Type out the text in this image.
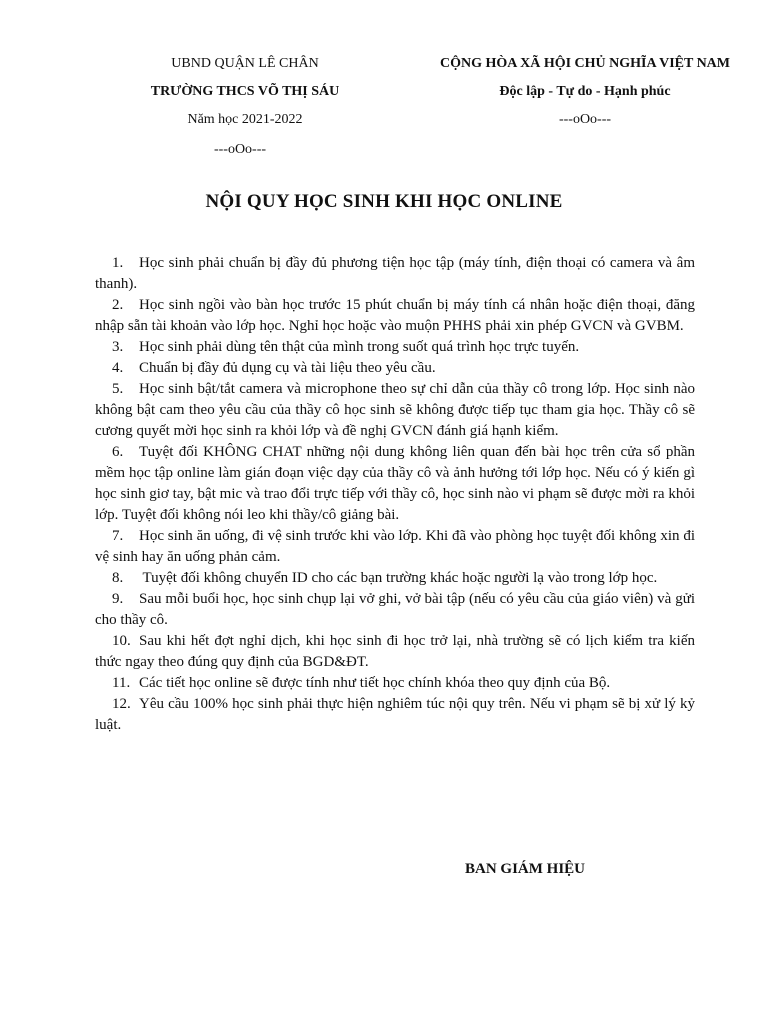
UBND QUẬN LÊ CHÂN
TRƯỜNG THCS VÕ THỊ SÁU
Năm học 2021-2022
---oOo---
CỘNG HÒA XÃ HỘI CHỦ NGHĨA VIỆT NAM
Độc lập - Tự do - Hạnh phúc
---oOo---
NỘI QUY HỌC SINH KHI HỌC ONLINE
1. Học sinh phải chuẩn bị đầy đủ phương tiện học tập (máy tính, điện thoại có camera và âm thanh).
2. Học sinh ngồi vào bàn học trước 15 phút chuẩn bị máy tính cá nhân hoặc điện thoại, đăng nhập sẵn tài khoản vào lớp học. Nghỉ học hoặc vào muộn PHHS phải xin phép GVCN và GVBM.
3. Học sinh phải dùng tên thật của mình trong suốt quá trình học trực tuyến.
4. Chuẩn bị đầy đủ dụng cụ và tài liệu theo yêu cầu.
5. Học sinh bật/tắt camera và microphone theo sự chỉ dẫn của thầy cô trong lớp. Học sinh nào không bật cam theo yêu cầu của thầy cô học sinh sẽ không được tiếp tục tham gia học. Thầy cô sẽ cương quyết mời học sinh ra khỏi lớp và đề nghị GVCN đánh giá hạnh kiểm.
6. Tuyệt đối KHÔNG CHAT những nội dung không liên quan đến bài học trên cửa sổ phần mềm học tập online làm gián đoạn việc dạy của thầy cô và ảnh hưởng tới lớp học. Nếu có ý kiến gì học sinh giơ tay, bật mic và trao đổi trực tiếp với thầy cô, học sinh nào vi phạm sẽ được mời ra khỏi lớp. Tuyệt đối không nói leo khi thầy/cô giảng bài.
7. Học sinh ăn uống, đi vệ sinh trước khi vào lớp. Khi đã vào phòng học tuyệt đối không xin đi vệ sinh hay ăn uống phản cảm.
8. Tuyệt đối không chuyển ID cho các bạn trường khác hoặc người lạ vào trong lớp học.
9. Sau mỗi buổi học, học sinh chụp lại vở ghi, vở bài tập (nếu có yêu cầu của giáo viên) và gửi cho thầy cô.
10. Sau khi hết đợt nghỉ dịch, khi học sinh đi học trở lại, nhà trường sẽ có lịch kiểm tra kiến thức ngay theo đúng quy định của BGD&ĐT.
11. Các tiết học online sẽ được tính như tiết học chính khóa theo quy định của Bộ.
12. Yêu cầu 100% học sinh phải thực hiện nghiêm túc nội quy trên. Nếu vi phạm sẽ bị xử lý kỷ luật.
BAN GIÁM HIỆU
